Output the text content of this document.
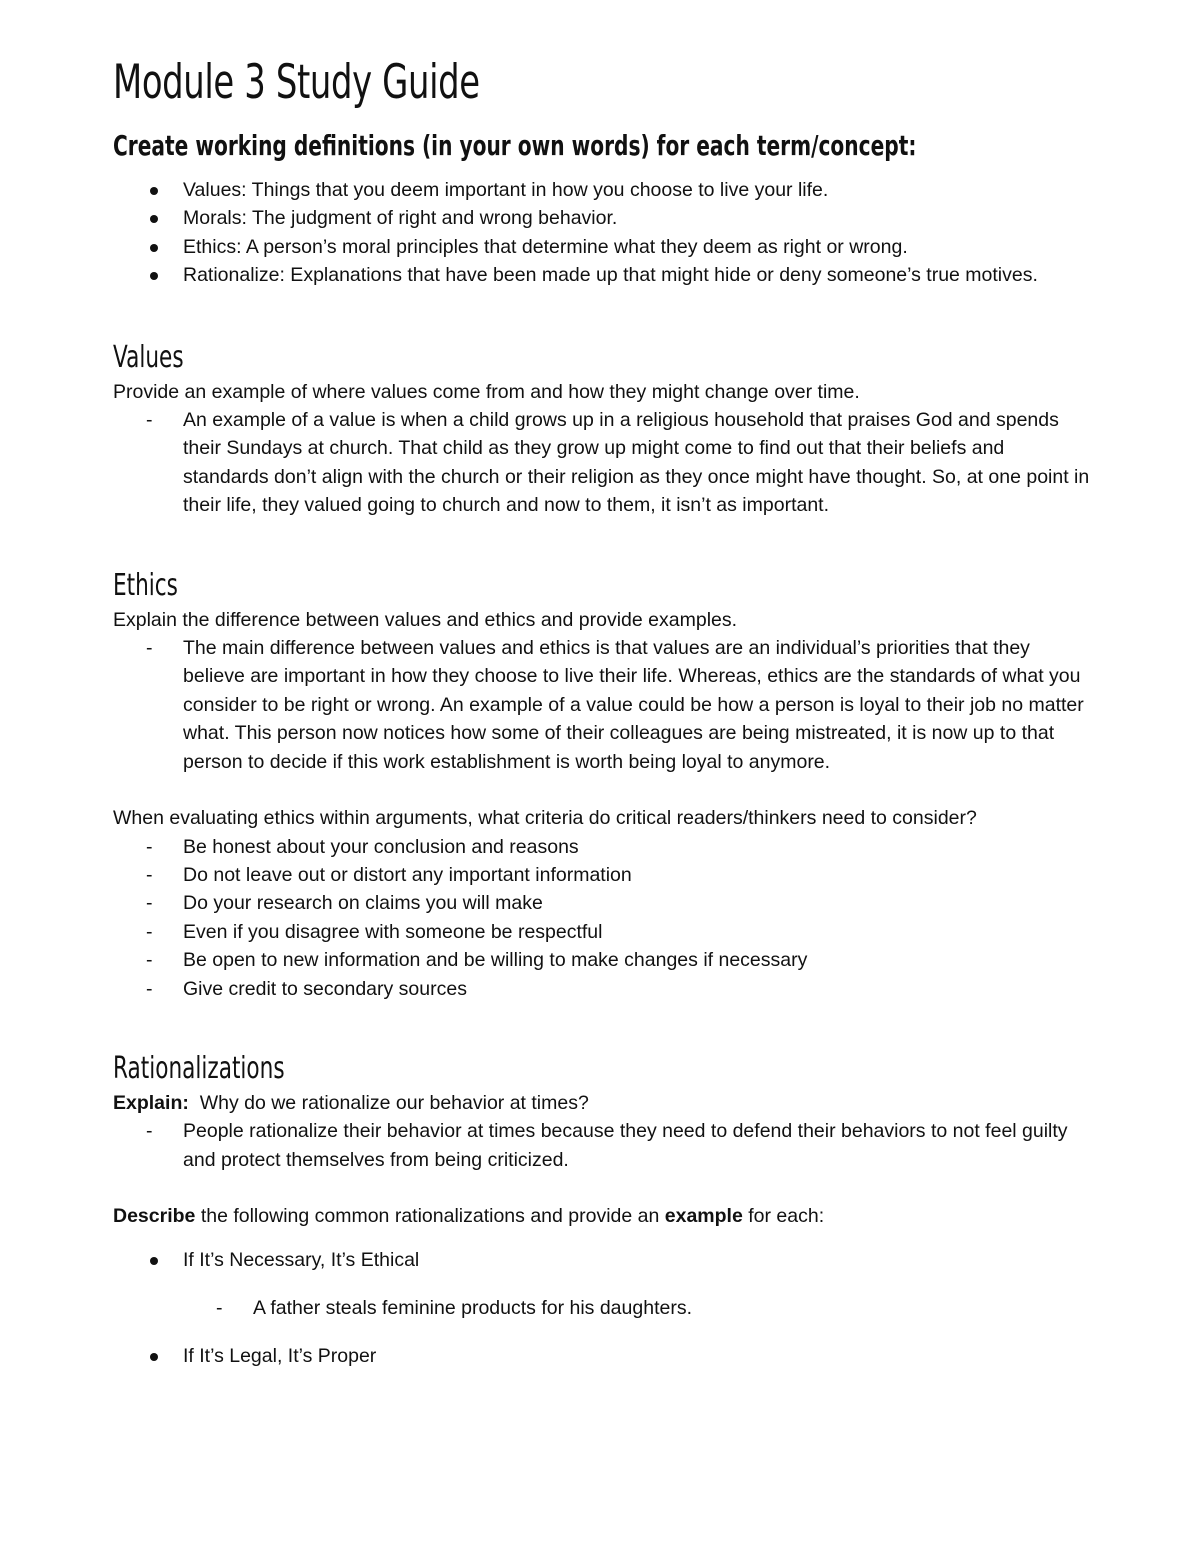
Module 3 Study Guide
Create working definitions (in your own words) for each term/concept:
Values: Things that you deem important in how you choose to live your life.
Morals: The judgment of right and wrong behavior.
Ethics: A person’s moral principles that determine what they deem as right or wrong.
Rationalize: Explanations that have been made up that might hide or deny someone’s true motives.
Values

Provide an example of where values come from and how they might change over time.

- An example of a value is when a child grows up in a religious household that praises God and spends their Sundays at church. That child as they grow up might come to find out that their beliefs and standards don’t align with the church or their religion as they once might have thought. So, at one point in their life, they valued going to church and now to them, it isn’t as important.
Ethics

Explain the difference between values and ethics and provide examples.

- The main difference between values and ethics is that values are an individual’s priorities that they believe are important in how they choose to live their life. Whereas, ethics are the standards of what you consider to be right or wrong. An example of a value could be how a person is loyal to their job no matter what. This person now notices how some of their colleagues are being mistreated, it is now up to that person to decide if this work establishment is worth being loyal to anymore.

When evaluating ethics within arguments, what criteria do critical readers/thinkers need to consider?

- Be honest about your conclusion and reasons
- Do not leave out or distort any important information
- Do your research on claims you will make
- Even if you disagree with someone be respectful
- Be open to new information and be willing to make changes if necessary
- Give credit to secondary sources
Rationalizations

Explain: Why do we rationalize our behavior at times?

- People rationalize their behavior at times because they need to defend their behaviors to not feel guilty and protect themselves from being criticized.

Describe the following common rationalizations and provide an example for each:

If It’s Necessary, It’s Ethical
- A father steals feminine products for his daughters.
If It’s Legal, It’s Proper
